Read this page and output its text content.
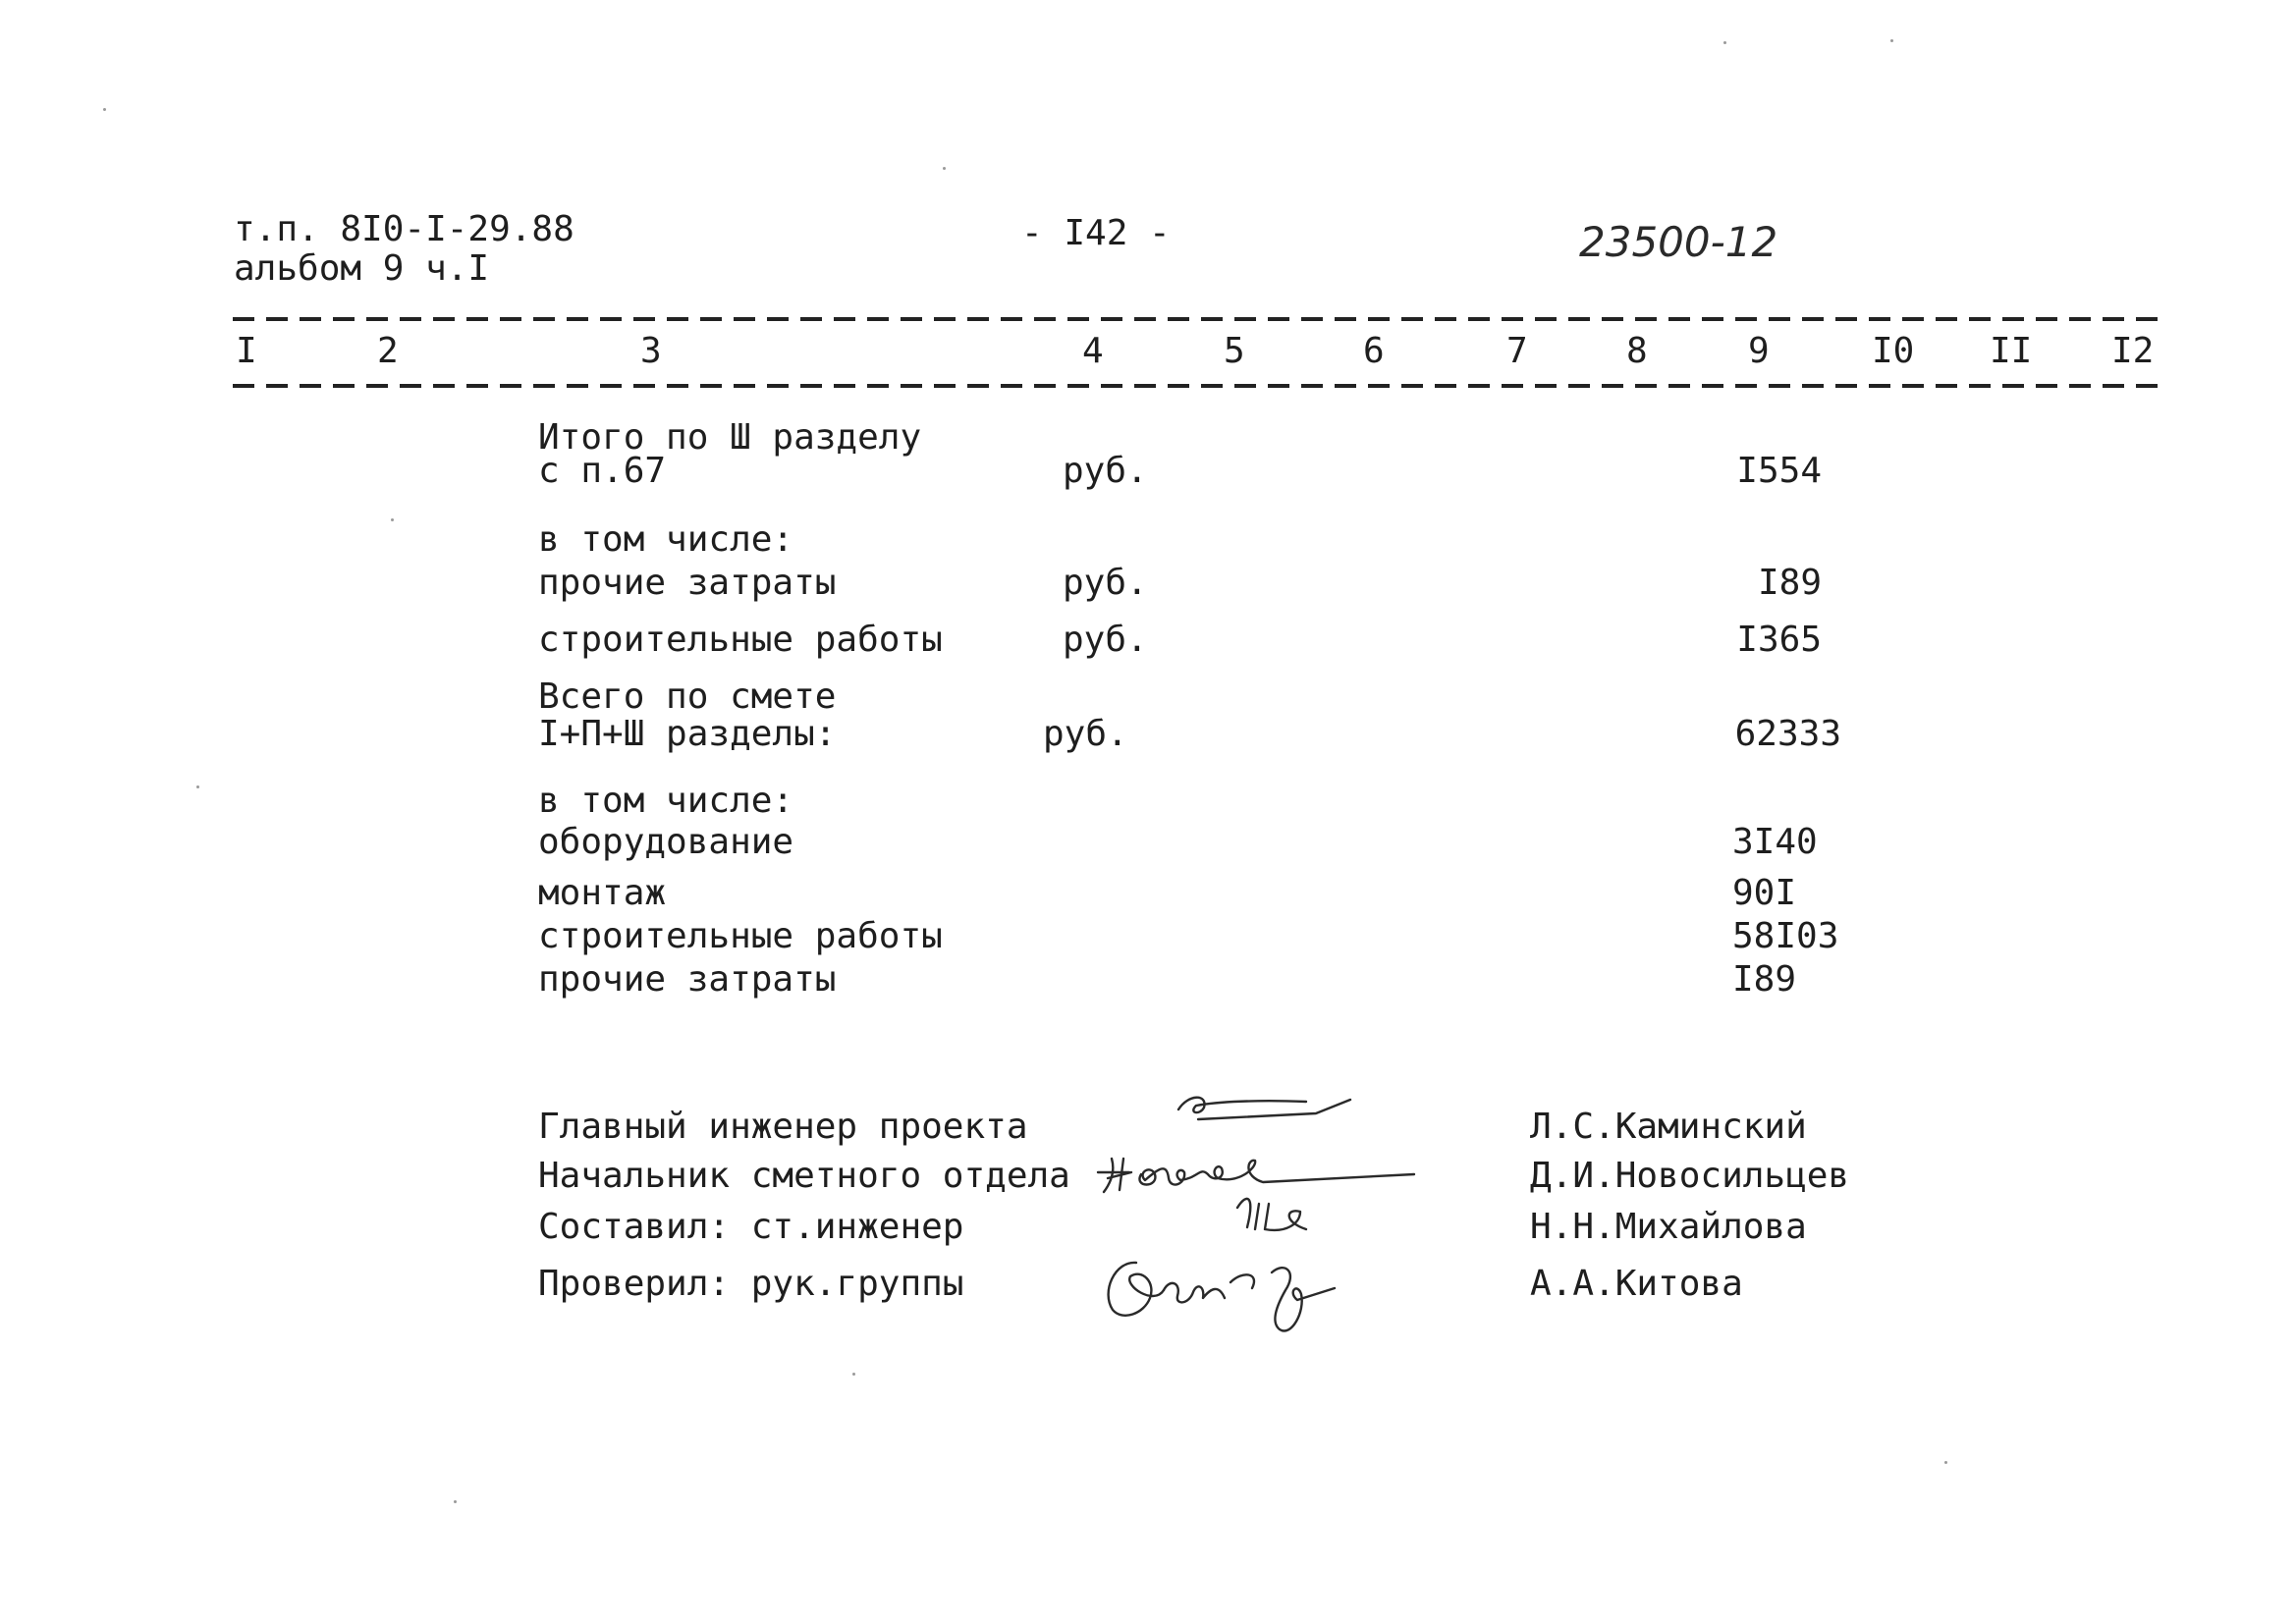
т.п. 8I0-I-29.88
альбом 9 ч.I
- I42 -	23500-12
I	2	3	4	5	6	7	8	9	I0 II I2
Итого по Ш разделу
с п.67	руб.	I554
в том числе:
прочие затраты	руб.	I89
строительные работы	руб.	I365
Всего по смете
I+П+Ш разделы:	руб.	62333
в том числе:
оборудование	3I40
монтаж	90I
строительные работы	58I03
прочие затраты	I89
Главный инженер проекта	Л.С.Каминский
Начальник сметного отдела	Д.И.Новосильцев
Составил: ст.инженер	Н.Н.Михайлова
Проверил: рук.группы	А.А.Китова
